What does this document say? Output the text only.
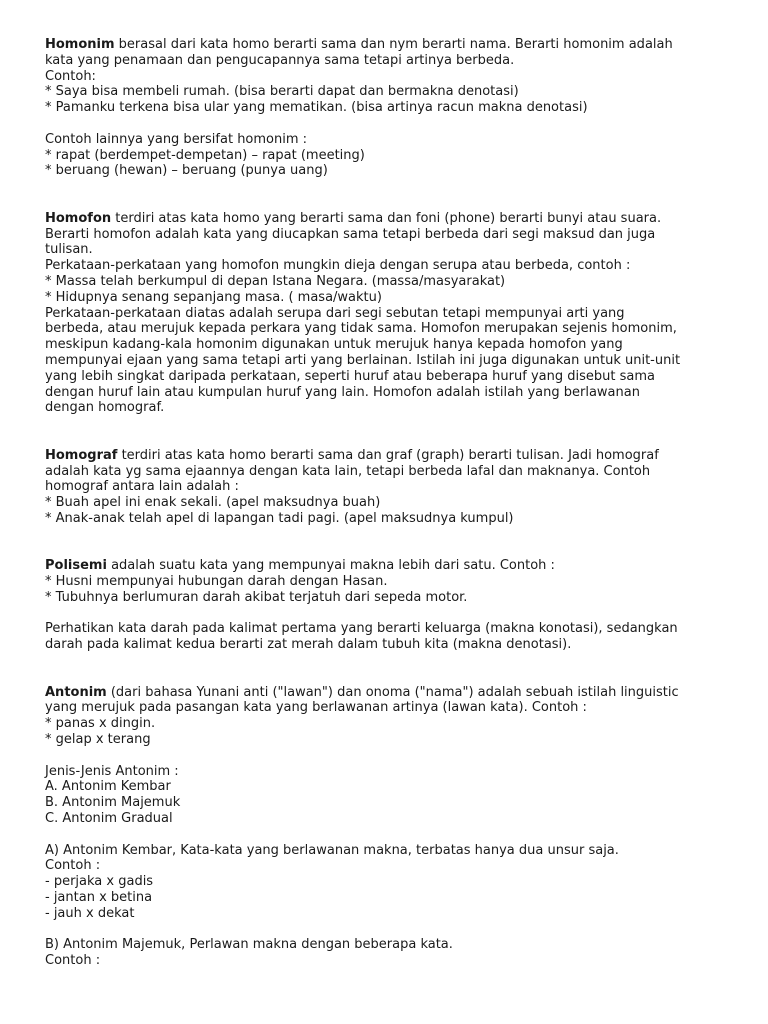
Homonim berasal dari kata homo berarti sama dan nym berarti nama. Berarti homonim adalah
kata yang penamaan dan pengucapannya sama tetapi artinya berbeda.
Contoh:
* Saya bisa membeli rumah. (bisa berarti dapat dan bermakna denotasi)
* Pamanku terkena bisa ular yang mematikan. (bisa artinya racun makna denotasi)
Contoh lainnya yang bersifat homonim :
* rapat (berdempet-dempetan) – rapat (meeting)
* beruang (hewan) – beruang (punya uang)
Homofon terdiri atas kata homo yang berarti sama dan foni (phone) berarti bunyi atau suara.
Berarti homofon adalah kata yang diucapkan sama tetapi berbeda dari segi maksud dan juga
tulisan.
Perkataan-perkataan yang homofon mungkin dieja dengan serupa atau berbeda, contoh :
* Massa telah berkumpul di depan Istana Negara. (massa/masyarakat)
* Hidupnya senang sepanjang masa. ( masa/waktu)
Perkataan-perkataan diatas adalah serupa dari segi sebutan tetapi mempunyai arti yang
berbeda, atau merujuk kepada perkara yang tidak sama. Homofon merupakan sejenis homonim,
meskipun kadang-kala homonim digunakan untuk merujuk hanya kepada homofon yang
mempunyai ejaan yang sama tetapi arti yang berlainan. Istilah ini juga digunakan untuk unit-unit
yang lebih singkat daripada perkataan, seperti huruf atau beberapa huruf yang disebut sama
dengan huruf lain atau kumpulan huruf yang lain. Homofon adalah istilah yang berlawanan
dengan homograf.
Homograf terdiri atas kata homo berarti sama dan graf (graph) berarti tulisan. Jadi homograf
adalah kata yg sama ejaannya dengan kata lain, tetapi berbeda lafal dan maknanya. Contoh
homograf antara lain adalah :
* Buah apel ini enak sekali. (apel maksudnya buah)
* Anak-anak telah apel di lapangan tadi pagi. (apel maksudnya kumpul)
Polisemi adalah suatu kata yang mempunyai makna lebih dari satu. Contoh :
* Husni mempunyai hubungan darah dengan Hasan.
* Tubuhnya berlumuran darah akibat terjatuh dari sepeda motor.
Perhatikan kata darah pada kalimat pertama yang berarti keluarga (makna konotasi), sedangkan
darah pada kalimat kedua berarti zat merah dalam tubuh kita (makna denotasi).
Antonim (dari bahasa Yunani anti ("lawan") dan onoma ("nama") adalah sebuah istilah linguistic
yang merujuk pada pasangan kata yang berlawanan artinya (lawan kata). Contoh :
* panas x dingin.
* gelap x terang
Jenis-Jenis Antonim :
A. Antonim Kembar
B. Antonim Majemuk
C. Antonim Gradual
A) Antonim Kembar, Kata-kata yang berlawanan makna, terbatas hanya dua unsur saja.
Contoh :
- perjaka x gadis
- jantan x betina
- jauh x dekat
B) Antonim Majemuk, Perlawan makna dengan beberapa kata.
Contoh :
